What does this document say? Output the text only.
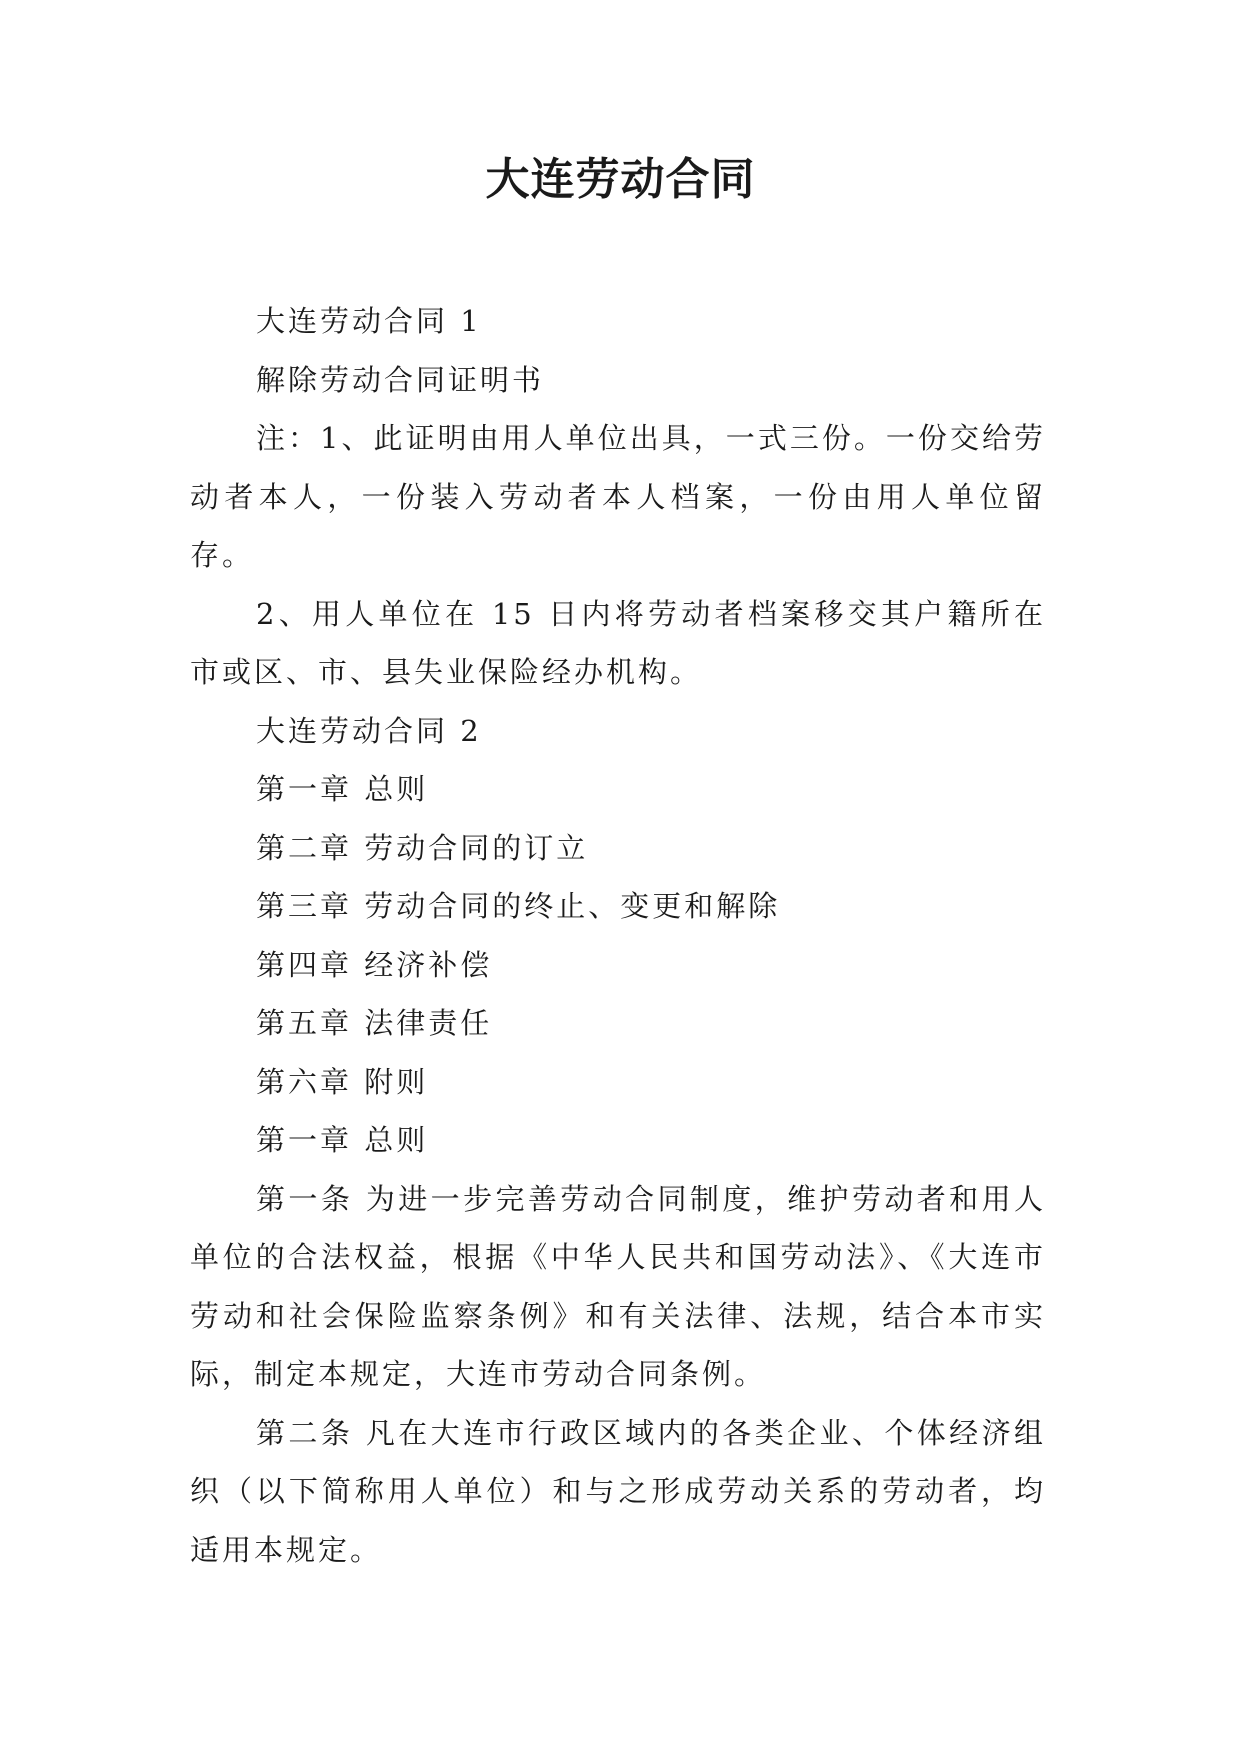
大连劳动合同

大连劳动合同 1

解除劳动合同证明书

注：1、此证明由用人单位出具，一式三份。一份交给劳动者本人，一份装入劳动者本人档案，一份由用人单位留存。

2、用人单位在 15 日内将劳动者档案移交其户籍所在市或区、市、县失业保险经办机构。

大连劳动合同 2

第一章 总则

第二章 劳动合同的订立

第三章 劳动合同的终止、变更和解除

第四章 经济补偿

第五章 法律责任

第六章 附则

第一章 总则

第一条 为进一步完善劳动合同制度，维护劳动者和用人单位的合法权益，根据《中华人民共和国劳动法》、《大连市劳动和社会保险监察条例》和有关法律、法规，结合本市实际，制定本规定，大连市劳动合同条例。

第二条 凡在大连市行政区域内的各类企业、个体经济组织（以下简称用人单位）和与之形成劳动关系的劳动者，均适用本规定。
